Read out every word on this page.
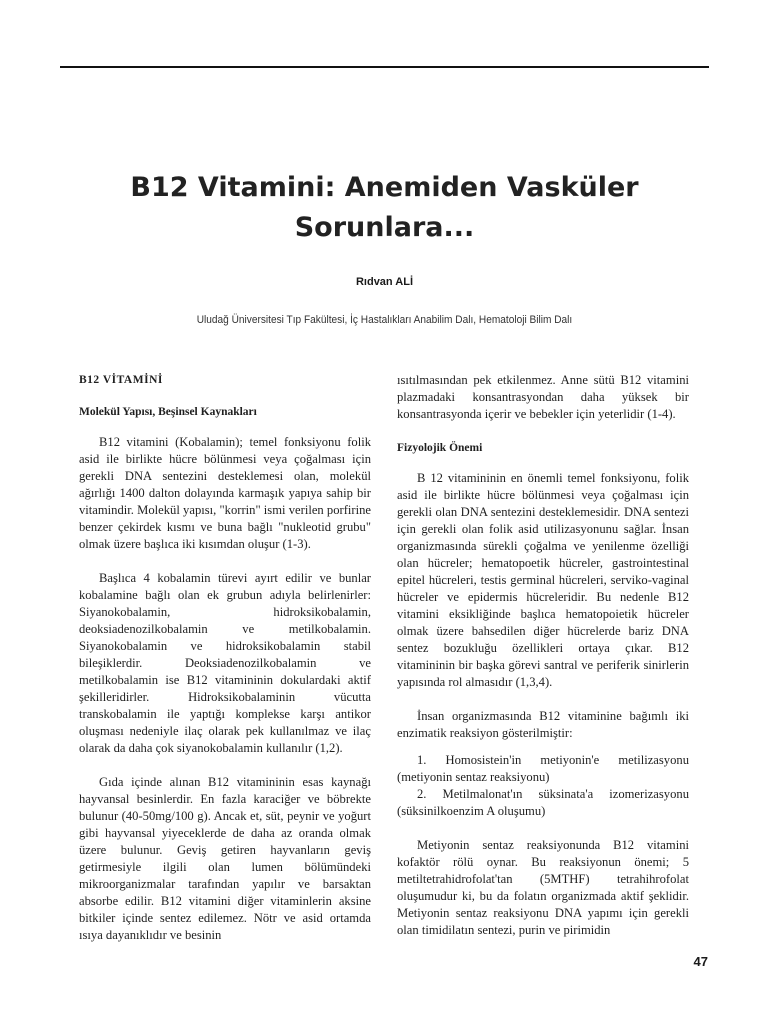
B12 Vitamini: Anemiden Vasküler
Sorunlara...
Rıdvan ALİ
Uludağ Üniversitesi Tıp Fakültesi, İç Hastalıkları Anabilim Dalı, Hematoloji Bilim Dalı
B12 VİTAMİNİ
Molekül Yapısı, Beşinsel Kaynakları

B12 vitamini (Kobalamin); temel fonksiyonu folik asid ile birlikte hücre bölünmesi veya çoğalması için gerekli DNA sentezini desteklemesi olan, molekül ağırlığı 1400 dalton dolayında karmaşık yapıya sahip bir vitamindir. Molekül yapısı, "korrin" ismi verilen porfirine benzer çekirdek kısmı ve buna bağlı "nukleotid grubu" olmak üzere başlıca iki kısımdan oluşur (1-3).

Başlıca 4 kobalamin türevi ayırt edilir ve bunlar kobalamine bağlı olan ek grubun adıyla belirlenirler: Siyanokobalamin, hidroksikobalamin, deoksiadenozilkobalamin ve metilkobalamin. Siyanokobalamin ve hidroksikobalamin stabil bileşiklerdir. Deoksiadenozilkobalamin ve metilkobalamin ise B12 vitamininin dokulardaki aktif şekilleridirler. Hidroksikobalaminin vücutta transkobalamin ile yaptığı komplekse karşı antikor oluşması nedeniyle ilaç olarak pek kullanılmaz ve ilaç olarak da daha çok siyanokobalamin kullanılır (1,2).

Gıda içinde alınan B12 vitamininin esas kaynağı hayvansal besinlerdir. En fazla karaciğer ve böbrekte bulunur (40-50mg/100 g). Ancak et, süt, peynir ve yoğurt gibi hayvansal yiyeceklerde de daha az oranda olmak üzere bulunur. Geviş getiren hayvanların geviş getirmesiyle ilgili olan lumen bölümündeki mikroorganizmalar tarafından yapılır ve barsaktan absorbe edilir. B12 vitamini diğer vitaminlerin aksine bitkiler içinde sentez edilemez. Nötr ve asid ortamda ısıya dayanıklıdır ve besinin

ısıtılmasından pek etkilenmez. Anne sütü B12 vitamini plazmadaki konsantrasyondan daha yüksek bir konsantrasyonda içerir ve bebekler için yeterlidir (1-4).

Fizyolojik Önemi

B 12 vitamininin en önemli temel fonksiyonu, folik asid ile birlikte hücre bölünmesi veya çoğalması için gerekli olan DNA sentezini desteklemesidir. DNA sentezi için gerekli olan folik asid utilizasyonunu sağlar. İnsan organizmasında sürekli çoğalma ve yenilenme özelliği olan hücreler; hematopoetik hücreler, gastrointestinal epitel hücreleri, testis germinal hücreleri, serviko-vaginal hücreler ve epidermis hücreleridir. Bu nedenle B12 vitamini eksikliğinde başlıca hematopoietik hücreler olmak üzere bahsedilen diğer hücrelerde bariz DNA sentez bozukluğu özellikleri ortaya çıkar. B12 vitamininin bir başka görevi santral ve periferik sinirlerin yapısında rol almasıdır (1,3,4).

İnsan organizmasında B12 vitaminine bağımlı iki enzimatik reaksiyon gösterilmiştir:

1. Homosistein'in metiyonin'e metilizasyonu (metiyonin sentaz reaksiyonu)

2. Metilmalonat'ın süksinata'a izomerizasyonu (süksinilkoenzim A oluşumu)

Metiyonin sentaz reaksiyonunda B12 vitamini kofaktör rölü oynar. Bu reaksiyonun önemi; 5 metiltetrahidrofolat'tan (5MTHF) tetrahihrofolat oluşumudur ki, bu da folatın organizmada aktif şeklidir. Metiyonin sentaz reaksiyonu DNA yapımı için gerekli olan timidilatın sentezi, purin ve pirimidin

47
